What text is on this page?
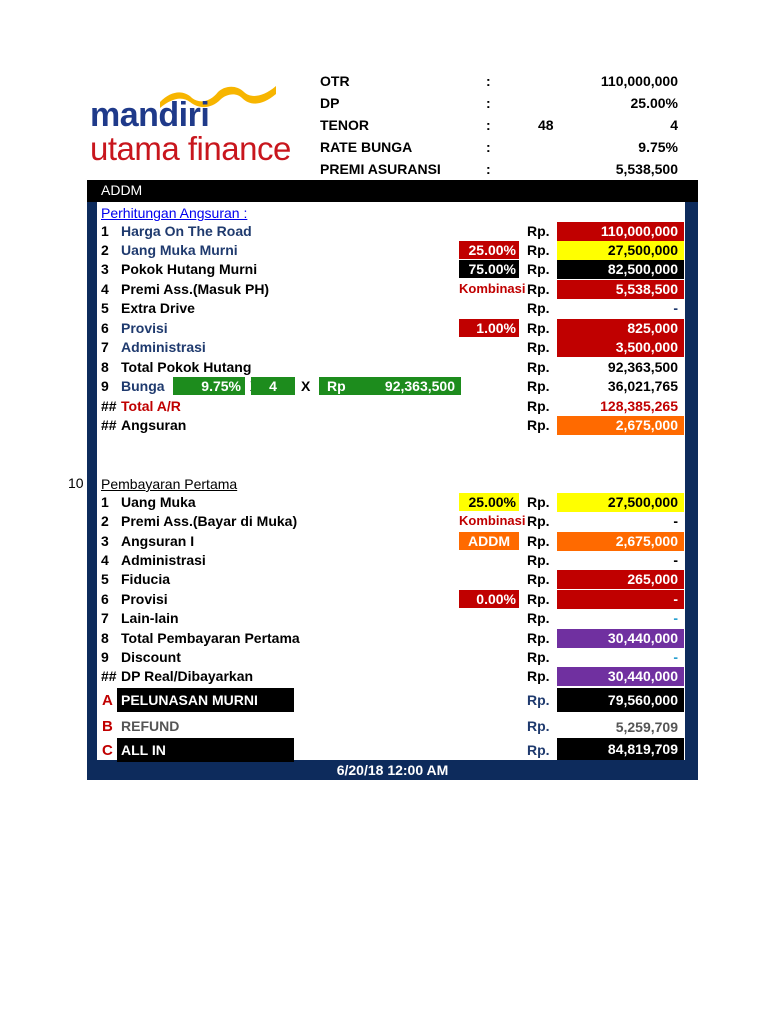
mandiri
utama finance
OTR	:	110,000,000
DP	:	25.00%
TENOR	:	48	4
RATE BUNGA	:	9.75%
PREMI ASURANSI	:	5,538,500
ADDM
6/20/18 12:00 AM
10
Perhitungan Angsuran :
1 Harga On The Road	Rp.	110,000,000
2 Uang Muka Murni	25.00% Rp.	27,500,000
3 Pokok Hutang Murni	75.00% Rp.	82,500,000
4 Premi Ass.(Masuk PH)	Kombinasi Rp.	5,538,500
5 Extra Drive	Rp.	-
6 Provisi	1.00% Rp.	825,000
7 Administrasi	Rp.	3,500,000
8 Total Pokok Hutang	Rp.	92,363,500
9 Bunga	9.75%	4	X Rp	92,363,500	Rp.	36,021,765
## Total A/R	Rp.	128,385,265
## Angsuran	Rp.	2,675,000
Pembayaran Pertama
1 Uang Muka	25.00% Rp.	27,500,000
2 Premi Ass.(Bayar di Muka)	Kombinasi Rp.	-
3 Angsuran I	ADDM	Rp.	2,675,000
4 Administrasi	Rp.	-
5 Fiducia	Rp.	265,000
6 Provisi	0.00% Rp.	-
7 Lain-lain	Rp.	-
8 Total Pembayaran Pertama	Rp.	30,440,000
9 Discount	Rp.	-
## DP Real/Dibayarkan	Rp.	30,440,000
A PELUNASAN MURNI	Rp.	79,560,000
B REFUND	Rp.	5,259,709
C ALL IN	Rp.	84,819,709
